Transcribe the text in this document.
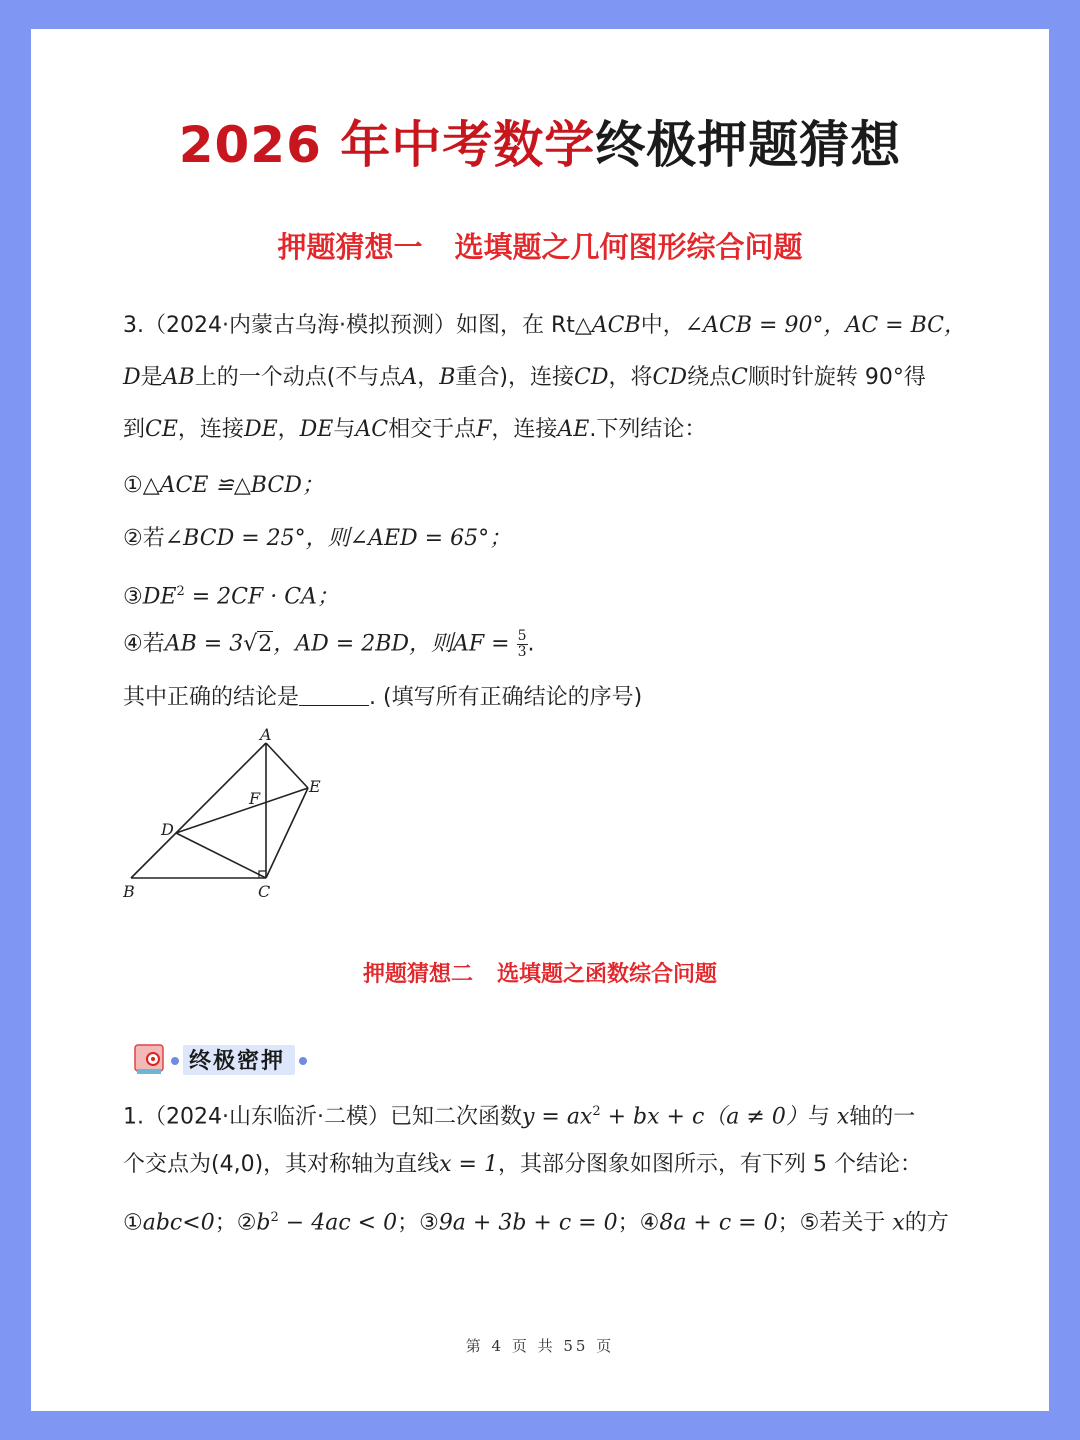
2026 年中考数学终极押题猜想
押题猜想一 选填题之几何图形综合问题
3.（2024·内蒙古乌海·模拟预测）如图，在 Rt△ACB中，∠ACB = 90°，AC = BC，
D是AB上的一个动点(不与点A，B重合)，连接CD，将CD绕点C顺时针旋转 90°得
到CE，连接DE，DE与AC相交于点F，连接AE.下列结论：
①△ACE ≌△BCD；
②若∠BCD = 25°，则∠AED = 65°；
$③DE^2 = 2CF$ · CA；
④若AB = 3√2，AD = 2BD，则AF = $\frac{5}{3}$ .
其中正确的结论是	. (填写所有正确结论的序号)
A
B	C
D
E
F
押题猜想二 选填题之函数综合问题
终极密押
1.（2024·山东临沂·二模）已知二次函数$y = ax^2$ + bx + c（a ≠ 0）与 x轴的一
个交点为(4,0)，其对称轴为直线x = 1，其部分图象如图所示，有下列 5 个结论：
①abc<0；$②b^2 - 4ac < 0$；③9a + 3b + c = 0；④8a + c = 0；⑤若关于 x的方
第 4 页 共 55 页
